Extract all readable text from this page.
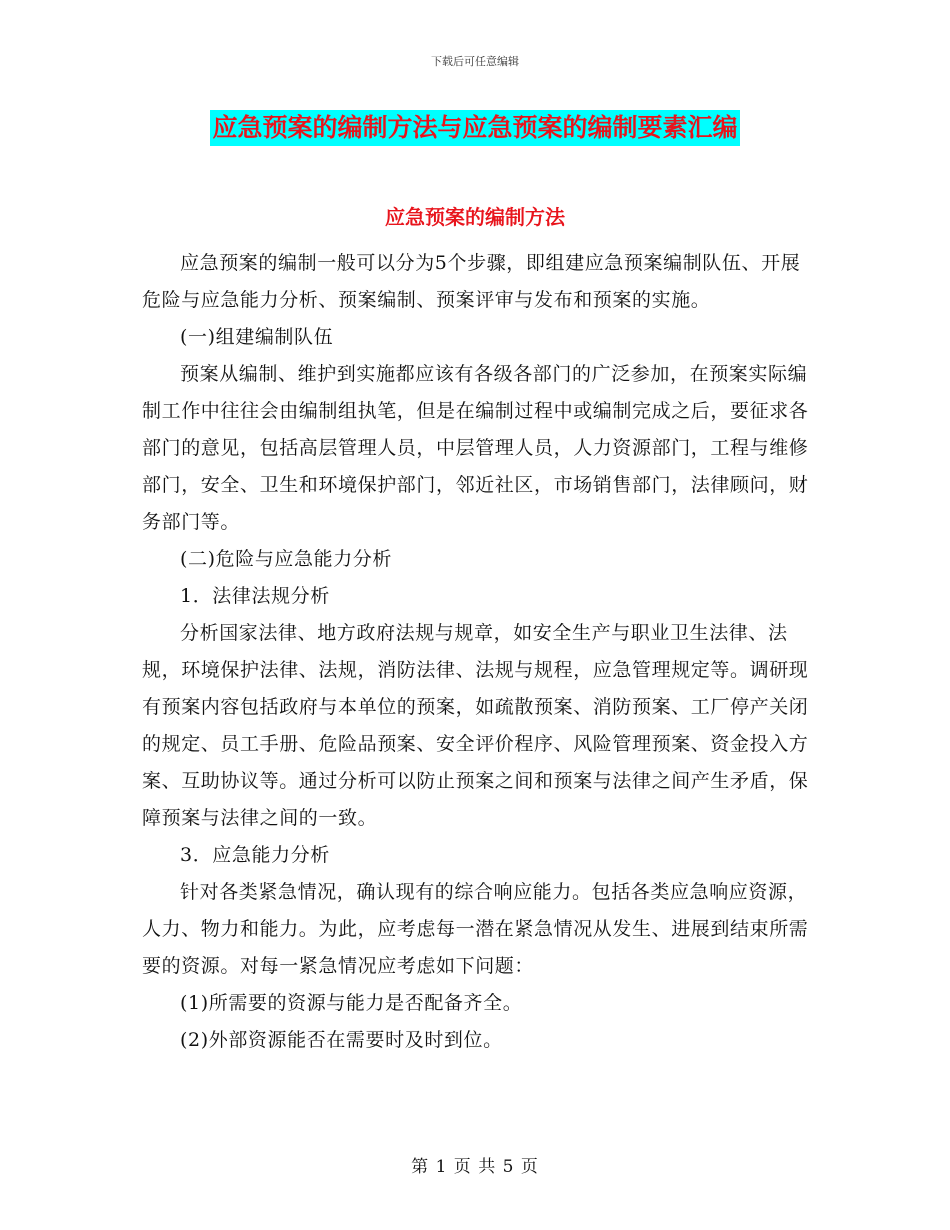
下载后可任意编辑
应急预案的编制方法与应急预案的编制要素汇编
应急预案的编制方法

应急预案的编制一般可以分为5个步骤，即组建应急预案编制队伍、开展危险与应急能力分析、预案编制、预案评审与发布和预案的实施。

(一)组建编制队伍

预案从编制、维护到实施都应该有各级各部门的广泛参加，在预案实际编制工作中往往会由编制组执笔，但是在编制过程中或编制完成之后，要征求各部门的意见，包括高层管理人员，中层管理人员，人力资源部门，工程与维修部门，安全、卫生和环境保护部门，邻近社区，市场销售部门，法律顾问，财务部门等。

(二)危险与应急能力分析

1．法律法规分析

分析国家法律、地方政府法规与规章，如安全生产与职业卫生法律、法规，环境保护法律、法规，消防法律、法规与规程，应急管理规定等。调研现有预案内容包括政府与本单位的预案，如疏散预案、消防预案、工厂停产关闭的规定、员工手册、危险品预案、安全评价程序、风险管理预案、资金投入方案、互助协议等。通过分析可以防止预案之间和预案与法律之间产生矛盾，保障预案与法律之间的一致。

3．应急能力分析

针对各类紧急情况，确认现有的综合响应能力。包括各类应急响应资源，人力、物力和能力。为此，应考虑每一潜在紧急情况从发生、进展到结束所需要的资源。对每一紧急情况应考虑如下问题：

(1)所需要的资源与能力是否配备齐全。

(2)外部资源能否在需要时及时到位。

第 1 页 共 5 页
